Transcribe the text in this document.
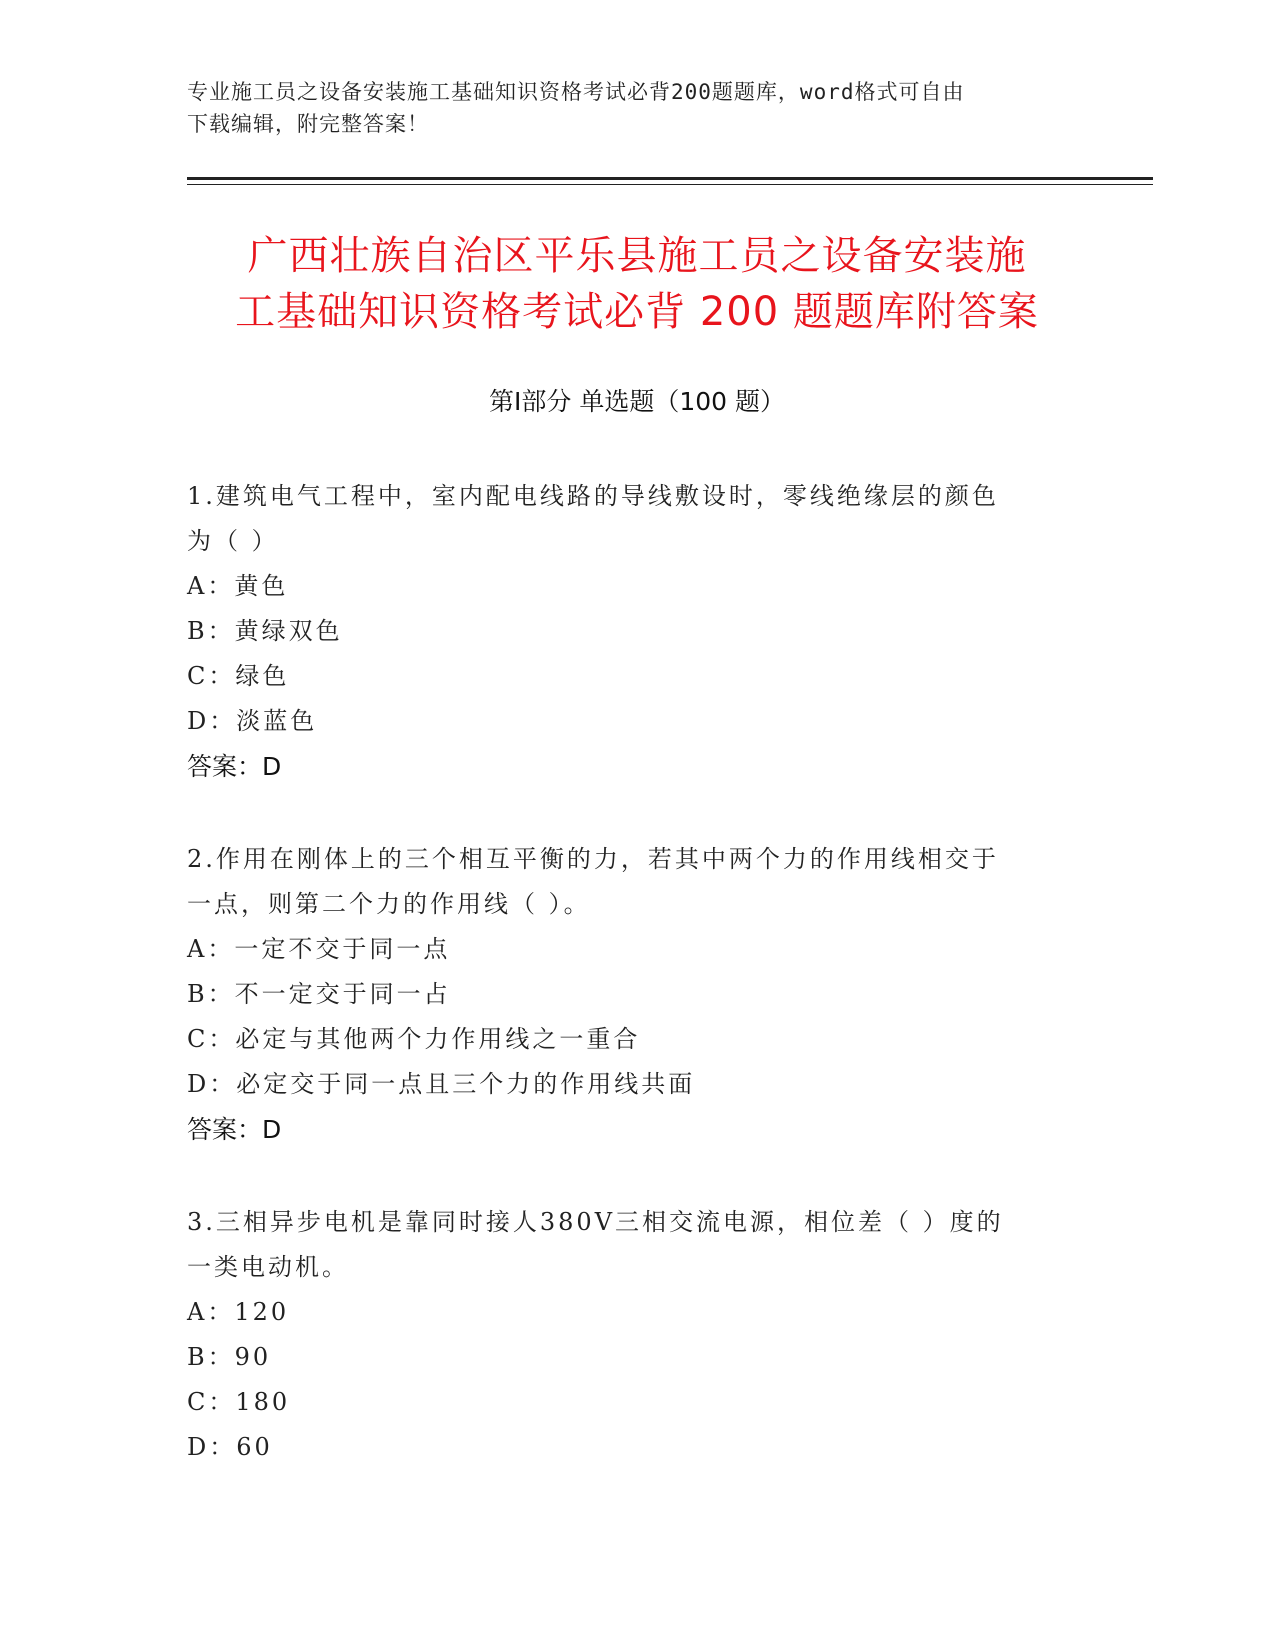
专业施工员之设备安装施工基础知识资格考试必背200题题库，word格式可自由
下载编辑，附完整答案！
广西壮族自治区平乐县施工员之设备安装施
工基础知识资格考试必背 200 题题库附答案
第Ⅰ部分 单选题（100 题）

1.建筑电气工程中，室内配电线路的导线敷设时，零线绝缘层的颜色

为（ ）

A：黄色

B：黄绿双色

C：绿色

D：淡蓝色

答案：D

2.作用在刚体上的三个相互平衡的力，若其中两个力的作用线相交于

一点，则第二个力的作用线（ ）。

A：一定不交于同一点

B：不一定交于同一占

C：必定与其他两个力作用线之一重合

D：必定交于同一点且三个力的作用线共面

答案：D

3.三相异步电机是靠同时接人380V三相交流电源，相位差（ ）度的

一类电动机。

A：120

B：90

C：180

D：60
